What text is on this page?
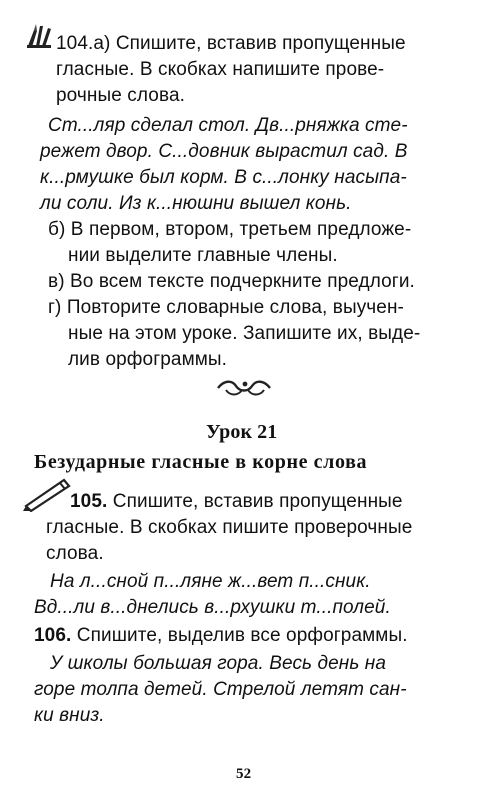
104.а) Спишите, вставив пропущенные
гласные. В скобках напишите прове-
рочные слова.
Ст...ляр сделал стол. Дв...рняжка сте-
режет двор. С...довник вырастил сад. В
к...рмушке был корм. В с...лонку насыпа-
ли соли. Из к...нюшни вышел конь.
б) В первом, втором, третьем предложе-
нии выделите главные члены.
в) Во всем тексте подчеркните предлоги.
г) Повторите словарные слова, выучен-
ные на этом уроке. Запишите их, выде-
лив орфограммы.
Урок 21
Безударные гласные в корне слова
105. Спишите, вставив пропущенные
гласные. В скобках пишите проверочные
слова.
На л...сной п...ляне ж...вет п...сник.
Вд...ли в...днелись в...рхушки т...полей.
106. Спишите, выделив все орфограммы.
У школы большая гора. Весь день на
горе толпа детей. Стрелой летят сан-
ки вниз.
52
